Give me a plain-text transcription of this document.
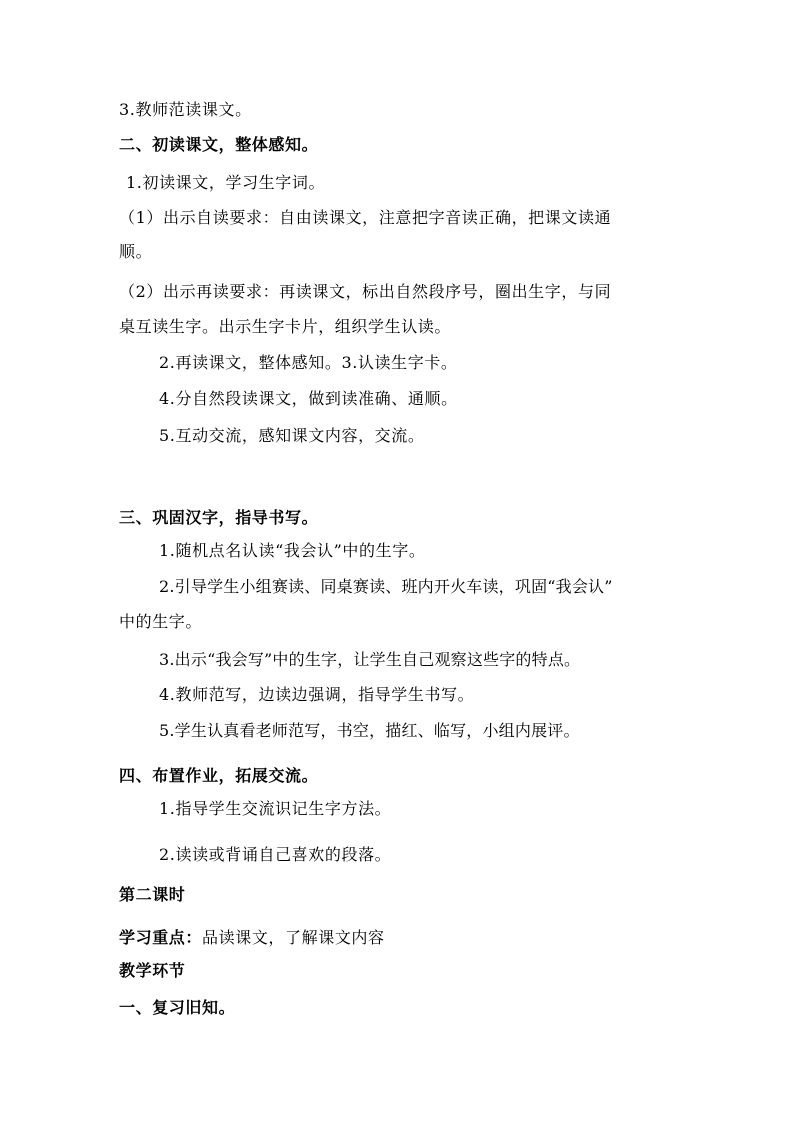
3.教师范读课文。
二、初读课文，整体感知。
1.初读课文，学习生字词。
（1）出示自读要求：自由读课文，注意把字音读正确，把课文读通
顺。
（2）出示再读要求：再读课文，标出自然段序号，圈出生字，与同
桌互读生字。出示生字卡片，组织学生认读。
2.再读课文，整体感知。3.认读生字卡。
4.分自然段读课文，做到读准确、通顺。
5.互动交流，感知课文内容，交流。
三、巩固汉字，指导书写。
1.随机点名认读“我会认”中的生字。
2.引导学生小组赛读、同桌赛读、班内开火车读，巩固“我会认”
中的生字。
3.出示“我会写”中的生字，让学生自己观察这些字的特点。
4.教师范写，边读边强调，指导学生书写。
5.学生认真看老师范写，书空，描红、临写，小组内展评。
四、布置作业，拓展交流。
1.指导学生交流识记生字方法。
2.读读或背诵自己喜欢的段落。
第二课时
学习重点：品读课文，了解课文内容
教学环节
一、复习旧知。
